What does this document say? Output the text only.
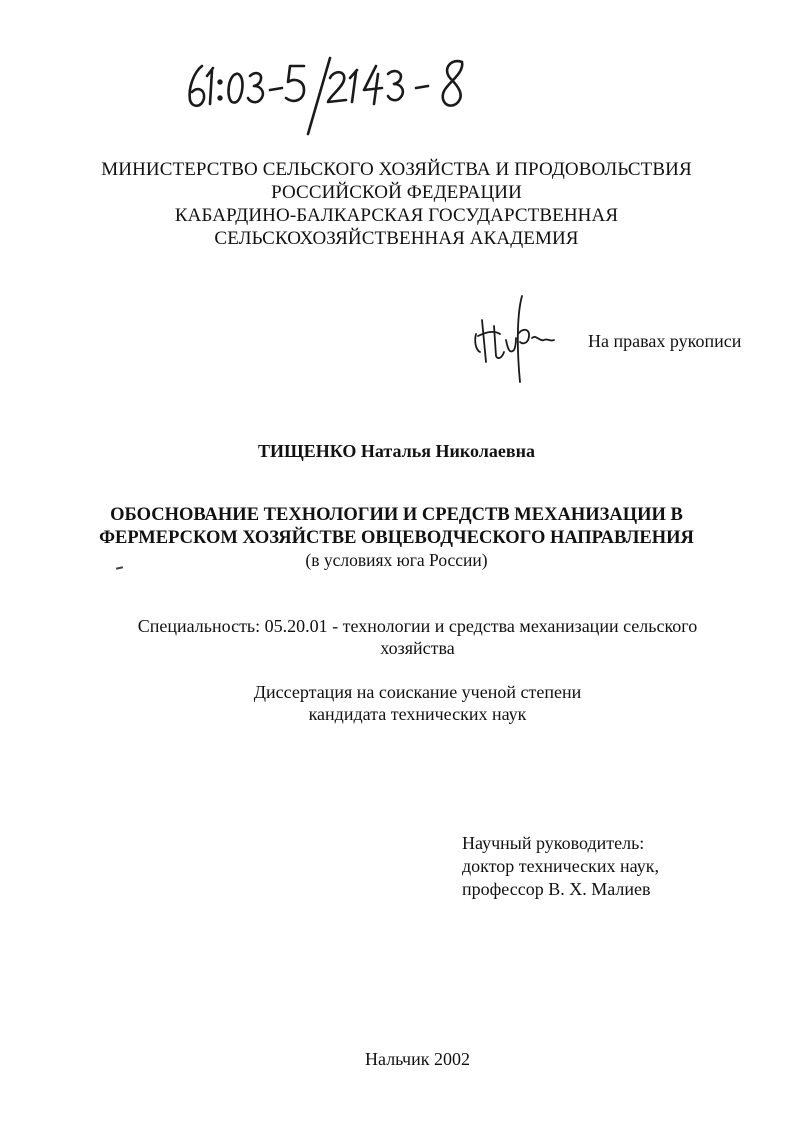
МИНИСТЕРСТВО СЕЛЬСКОГО ХОЗЯЙСТВА И ПРОДОВОЛЬСТВИЯ
РОССИЙСКОЙ ФЕДЕРАЦИИ
КАБАРДИНО-БАЛКАРСКАЯ ГОСУДАРСТВЕННАЯ
СЕЛЬСКОХОЗЯЙСТВЕННАЯ АКАДЕМИЯ
На правах рукописи
ТИЩЕНКО Наталья Николаевна
ОБОСНОВАНИЕ ТЕХНОЛОГИИ И СРЕДСТВ МЕХАНИЗАЦИИ В
ФЕРМЕРСКОМ ХОЗЯЙСТВЕ ОВЦЕВОДЧЕСКОГО НАПРАВЛЕНИЯ
(в условиях юга России)
Специальность: 05.20.01 - технологии и средства механизации сельского
хозяйства
Диссертация на соискание ученой степени
кандидата технических наук
Научный руководитель:
доктор технических наук,
профессор В. Х. Малиев
Нальчик 2002
